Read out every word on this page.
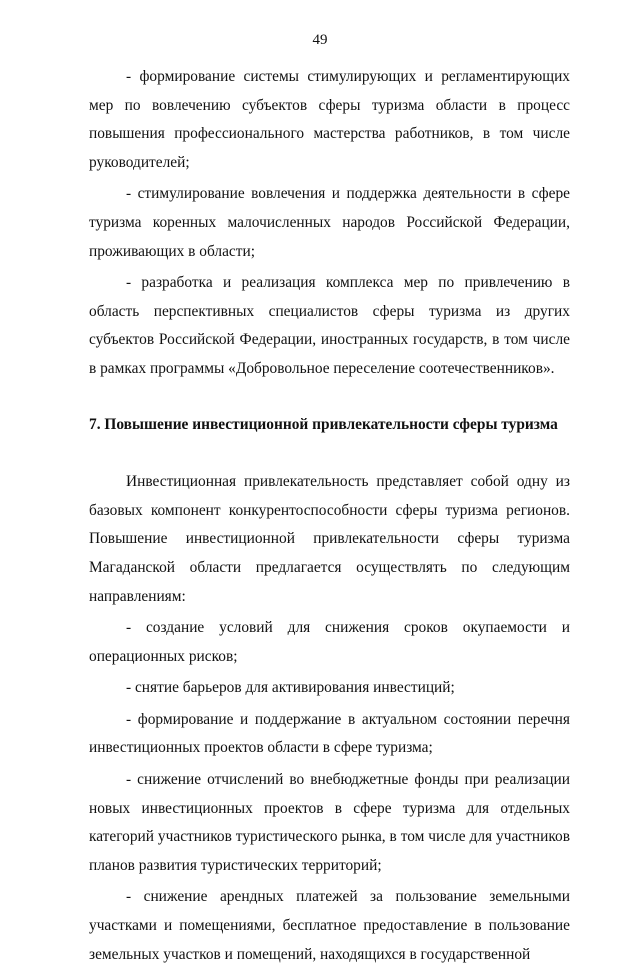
49

- формирование системы стимулирующих и регламентирующих мер по вовлечению субъектов сферы туризма области в процесс повышения профессионального мастерства работников, в том числе руководителей;

- стимулирование вовлечения и поддержка деятельности в сфере туризма коренных малочисленных народов Российской Федерации, проживающих в области;

- разработка и реализация комплекса мер по привлечению в область перспективных специалистов сферы туризма из других субъектов Российской Федерации, иностранных государств, в том числе в рамках программы «Добровольное переселение соотечественников».

7. Повышение инвестиционной привлекательности сферы туризма

Инвестиционная привлекательность представляет собой одну из базовых компонент конкурентоспособности сферы туризма регионов. Повышение инвестиционной привлекательности сферы туризма Магаданской области предлагается осуществлять по следующим направлениям:

- создание условий для снижения сроков окупаемости и операционных рисков;

- снятие барьеров для активирования инвестиций;

- формирование и поддержание в актуальном состоянии перечня инвестиционных проектов области в сфере туризма;

- снижение отчислений во внебюджетные фонды при реализации новых инвестиционных проектов в сфере туризма для отдельных категорий участников туристического рынка, в том числе для участников планов развития туристических территорий;

- снижение арендных платежей за пользование земельными участками и помещениями, бесплатное предоставление в пользование земельных участков и помещений, находящихся в государственной
